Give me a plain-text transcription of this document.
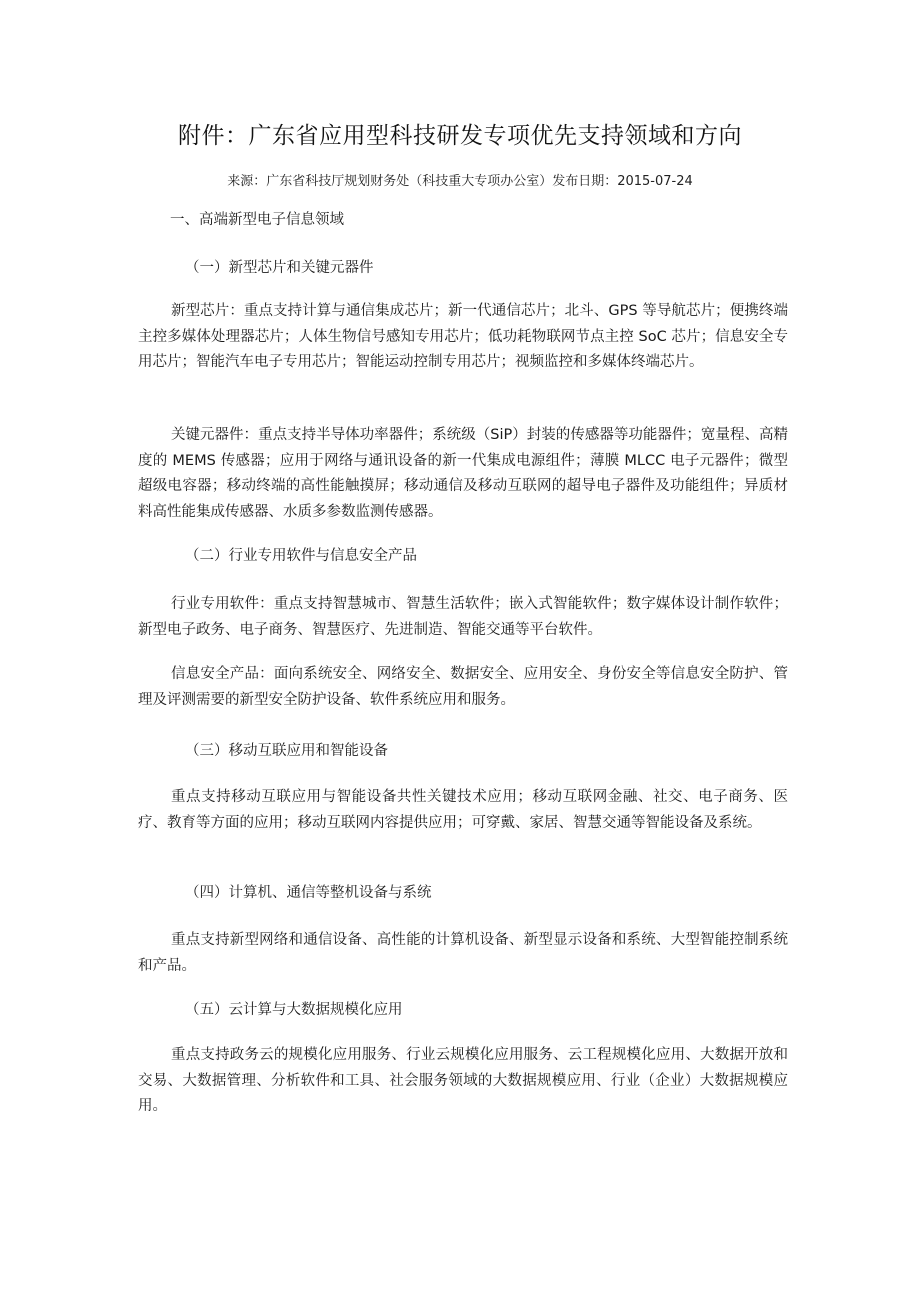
附件：广东省应用型科技研发专项优先支持领域和方向
来源：广东省科技厅规划财务处（科技重大专项办公室）发布日期：2015-07-24
一、高端新型电子信息领域
（一）新型芯片和关键元器件
新型芯片：重点支持计算与通信集成芯片；新一代通信芯片；北斗、GPS 等导航芯片；便携终端主控多媒体处理器芯片；人体生物信号感知专用芯片；低功耗物联网节点主控 SoC 芯片；信息安全专用芯片；智能汽车电子专用芯片；智能运动控制专用芯片；视频监控和多媒体终端芯片。
关键元器件：重点支持半导体功率器件；系统级（SiP）封装的传感器等功能器件；宽量程、高精度的 MEMS 传感器；应用于网络与通讯设备的新一代集成电源组件；薄膜 MLCC 电子元器件；微型超级电容器；移动终端的高性能触摸屏；移动通信及移动互联网的超导电子器件及功能组件；异质材料高性能集成传感器、水质多参数监测传感器。
（二）行业专用软件与信息安全产品
行业专用软件：重点支持智慧城市、智慧生活软件；嵌入式智能软件；数字媒体设计制作软件；新型电子政务、电子商务、智慧医疗、先进制造、智能交通等平台软件。
信息安全产品：面向系统安全、网络安全、数据安全、应用安全、身份安全等信息安全防护、管理及评测需要的新型安全防护设备、软件系统应用和服务。
（三）移动互联应用和智能设备
重点支持移动互联应用与智能设备共性关键技术应用；移动互联网金融、社交、电子商务、医疗、教育等方面的应用；移动互联网内容提供应用；可穿戴、家居、智慧交通等智能设备及系统。
（四）计算机、通信等整机设备与系统
重点支持新型网络和通信设备、高性能的计算机设备、新型显示设备和系统、大型智能控制系统和产品。
（五）云计算与大数据规模化应用
重点支持政务云的规模化应用服务、行业云规模化应用服务、云工程规模化应用、大数据开放和交易、大数据管理、分析软件和工具、社会服务领域的大数据规模应用、行业（企业）大数据规模应用。
